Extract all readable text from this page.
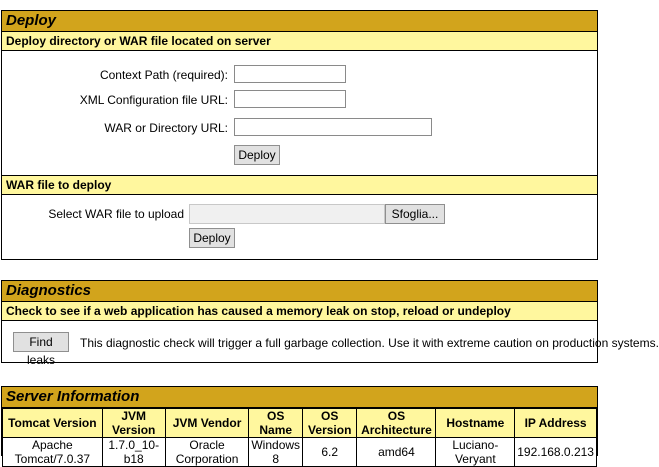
Deploy
Deploy directory or WAR file located on server
Context Path (required):
XML Configuration file URL:
WAR or Directory URL:
Deploy
WAR file to deploy
Select WAR file to upload	Sfoglia...
Deploy
Diagnostics
Check to see if a web application has caused a memory leak on stop, reload or undeploy
Find leaks
This diagnostic check will trigger a full garbage collection. Use it with extreme caution on production systems.
Server Information
Tomcat Version	JVM Version	JVM Vendor	OS Name	OS Version	OS Architecture	Hostname	IP Address
Apache Tomcat/7.0.37	1.7.0_10-b18	Oracle Corporation	Windows 8	6.2	amd64	Luciano-Veryant	192.168.0.213
